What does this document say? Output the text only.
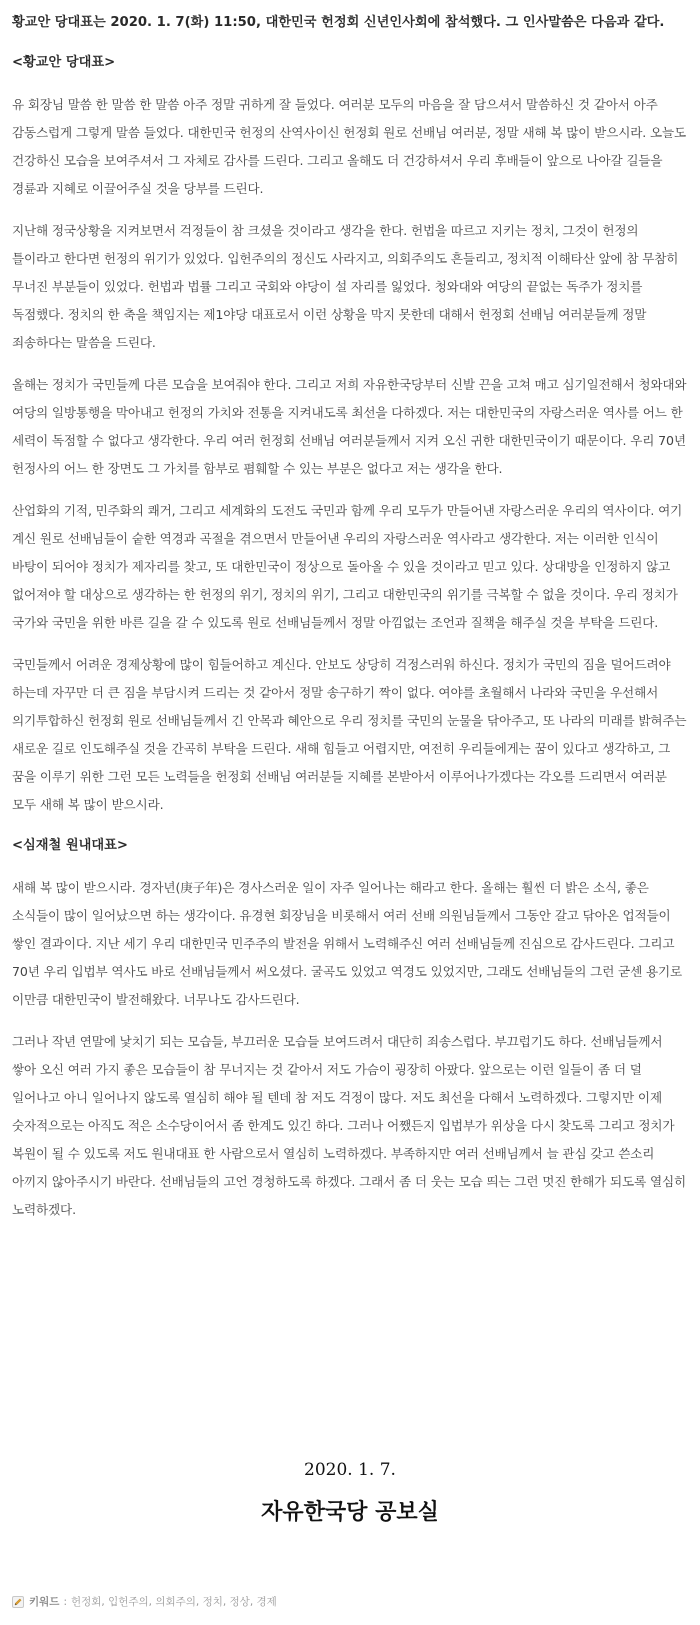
황교안 당대표는 2020. 1. 7(화) 11:50, 대한민국 헌정회 신년인사회에 참석했다. 그 인사말씀은 다음과 같다.

<황교안 당대표>

유 회장님 말씀 한 말씀 한 말씀 아주 정말 귀하게 잘 들었다. 여러분 모두의 마음을 잘 담으셔서 말씀하신 것 같아서 아주 감동스럽게 그렇게 말씀 들었다. 대한민국 헌정의 산역사이신 헌정회 원로 선배님 여러분, 정말 새해 복 많이 받으시라. 오늘도 건강하신 모습을 보여주셔서 그 자체로 감사를 드린다. 그리고 올해도 더 건강하셔서 우리 후배들이 앞으로 나아갈 길들을 경륜과 지혜로 이끌어주실 것을 당부를 드린다.

지난해 정국상황을 지켜보면서 걱정들이 참 크셨을 것이라고 생각을 한다. 헌법을 따르고 지키는 정치, 그것이 헌정의 틀이라고 한다면 헌정의 위기가 있었다. 입헌주의의 정신도 사라지고, 의회주의도 흔들리고, 정치적 이해타산 앞에 참 무참히 무너진 부분들이 있었다. 헌법과 법률 그리고 국회와 야당이 설 자리를 잃었다. 청와대와 여당의 끝없는 독주가 정치를 독점했다. 정치의 한 축을 책임지는 제1야당 대표로서 이런 상황을 막지 못한데 대해서 헌정회 선배님 여러분들께 정말 죄송하다는 말씀을 드린다.

올해는 정치가 국민들께 다른 모습을 보여줘야 한다. 그리고 저희 자유한국당부터 신발 끈을 고쳐 매고 심기일전해서 청와대와 여당의 일방통행을 막아내고 헌정의 가치와 전통을 지켜내도록 최선을 다하겠다. 저는 대한민국의 자랑스러운 역사를 어느 한 세력이 독점할 수 없다고 생각한다. 우리 여러 헌정회 선배님 여러분들께서 지켜 오신 귀한 대한민국이기 때문이다. 우리 70년 헌정사의 어느 한 장면도 그 가치를 함부로 폄훼할 수 있는 부분은 없다고 저는 생각을 한다.

산업화의 기적, 민주화의 쾌거, 그리고 세계화의 도전도 국민과 함께 우리 모두가 만들어낸 자랑스러운 우리의 역사이다. 여기 계신 원로 선배님들이 숱한 역경과 곡절을 겪으면서 만들어낸 우리의 자랑스러운 역사라고 생각한다. 저는 이러한 인식이 바탕이 되어야 정치가 제자리를 찾고, 또 대한민국이 정상으로 돌아올 수 있을 것이라고 믿고 있다. 상대방을 인정하지 않고 없어져야 할 대상으로 생각하는 한 헌정의 위기, 정치의 위기, 그리고 대한민국의 위기를 극복할 수 없을 것이다. 우리 정치가 국가와 국민을 위한 바른 길을 갈 수 있도록 원로 선배님들께서 정말 아낌없는 조언과 질책을 해주실 것을 부탁을 드린다.

국민들께서 어려운 경제상황에 많이 힘들어하고 계신다. 안보도 상당히 걱정스러워 하신다. 정치가 국민의 짐을 덜어드려야 하는데 자꾸만 더 큰 짐을 부담시켜 드리는 것 같아서 정말 송구하기 짝이 없다. 여야를 초월해서 나라와 국민을 우선해서 의기투합하신 헌정회 원로 선배님들께서 긴 안목과 혜안으로 우리 정치를 국민의 눈물을 닦아주고, 또 나라의 미래를 밝혀주는 새로운 길로 인도해주실 것을 간곡히 부탁을 드린다. 새해 힘들고 어렵지만, 여전히 우리들에게는 꿈이 있다고 생각하고, 그 꿈을 이루기 위한 그런 모든 노력들을 헌정회 선배님 여러분들 지혜를 본받아서 이루어나가겠다는 각오를 드리면서 여러분 모두 새해 복 많이 받으시라.

<심재철 원내대표>

새해 복 많이 받으시라. 경자년(庚子年)은 경사스러운 일이 자주 일어나는 해라고 한다. 올해는 훨씬 더 밝은 소식, 좋은 소식들이 많이 일어났으면 하는 생각이다. 유경현 회장님을 비롯해서 여러 선배 의원님들께서 그동안 갈고 닦아온 업적들이 쌓인 결과이다. 지난 세기 우리 대한민국 민주주의 발전을 위해서 노력해주신 여러 선배님들께 진심으로 감사드린다. 그리고 70년 우리 입법부 역사도 바로 선배님들께서 써오셨다. 굴곡도 있었고 역경도 있었지만, 그래도 선배님들의 그런 굳센 용기로 이만큼 대한민국이 발전해왔다. 너무나도 감사드린다.

그러나 작년 연말에 낯치기 되는 모습들, 부끄러운 모습들 보여드려서 대단히 죄송스럽다. 부끄럽기도 하다. 선배님들께서 쌓아 오신 여러 가지 좋은 모습들이 참 무너지는 것 같아서 저도 가슴이 굉장히 아팠다. 앞으로는 이런 일들이 좀 더 덜 일어나고 아니 일어나지 않도록 열심히 해야 될 텐데 참 저도 걱정이 많다. 저도 최선을 다해서 노력하겠다. 그렇지만 이제 숫자적으로는 아직도 적은 소수당이어서 좀 한계도 있긴 하다. 그러나 어쨌든지 입법부가 위상을 다시 찾도록 그리고 정치가 복원이 될 수 있도록 저도 원내대표 한 사람으로서 열심히 노력하겠다. 부족하지만 여러 선배님께서 늘 관심 갖고 쓴소리 아끼지 않아주시기 바란다. 선배님들의 고언 경청하도록 하겠다. 그래서 좀 더 웃는 모습 띄는 그런 멋진 한해가 되도록 열심히 노력하겠다.

2020. 1. 7.
자유한국당 공보실
키워드 : 헌정회, 입헌주의, 의회주의, 정치, 정상, 경제
